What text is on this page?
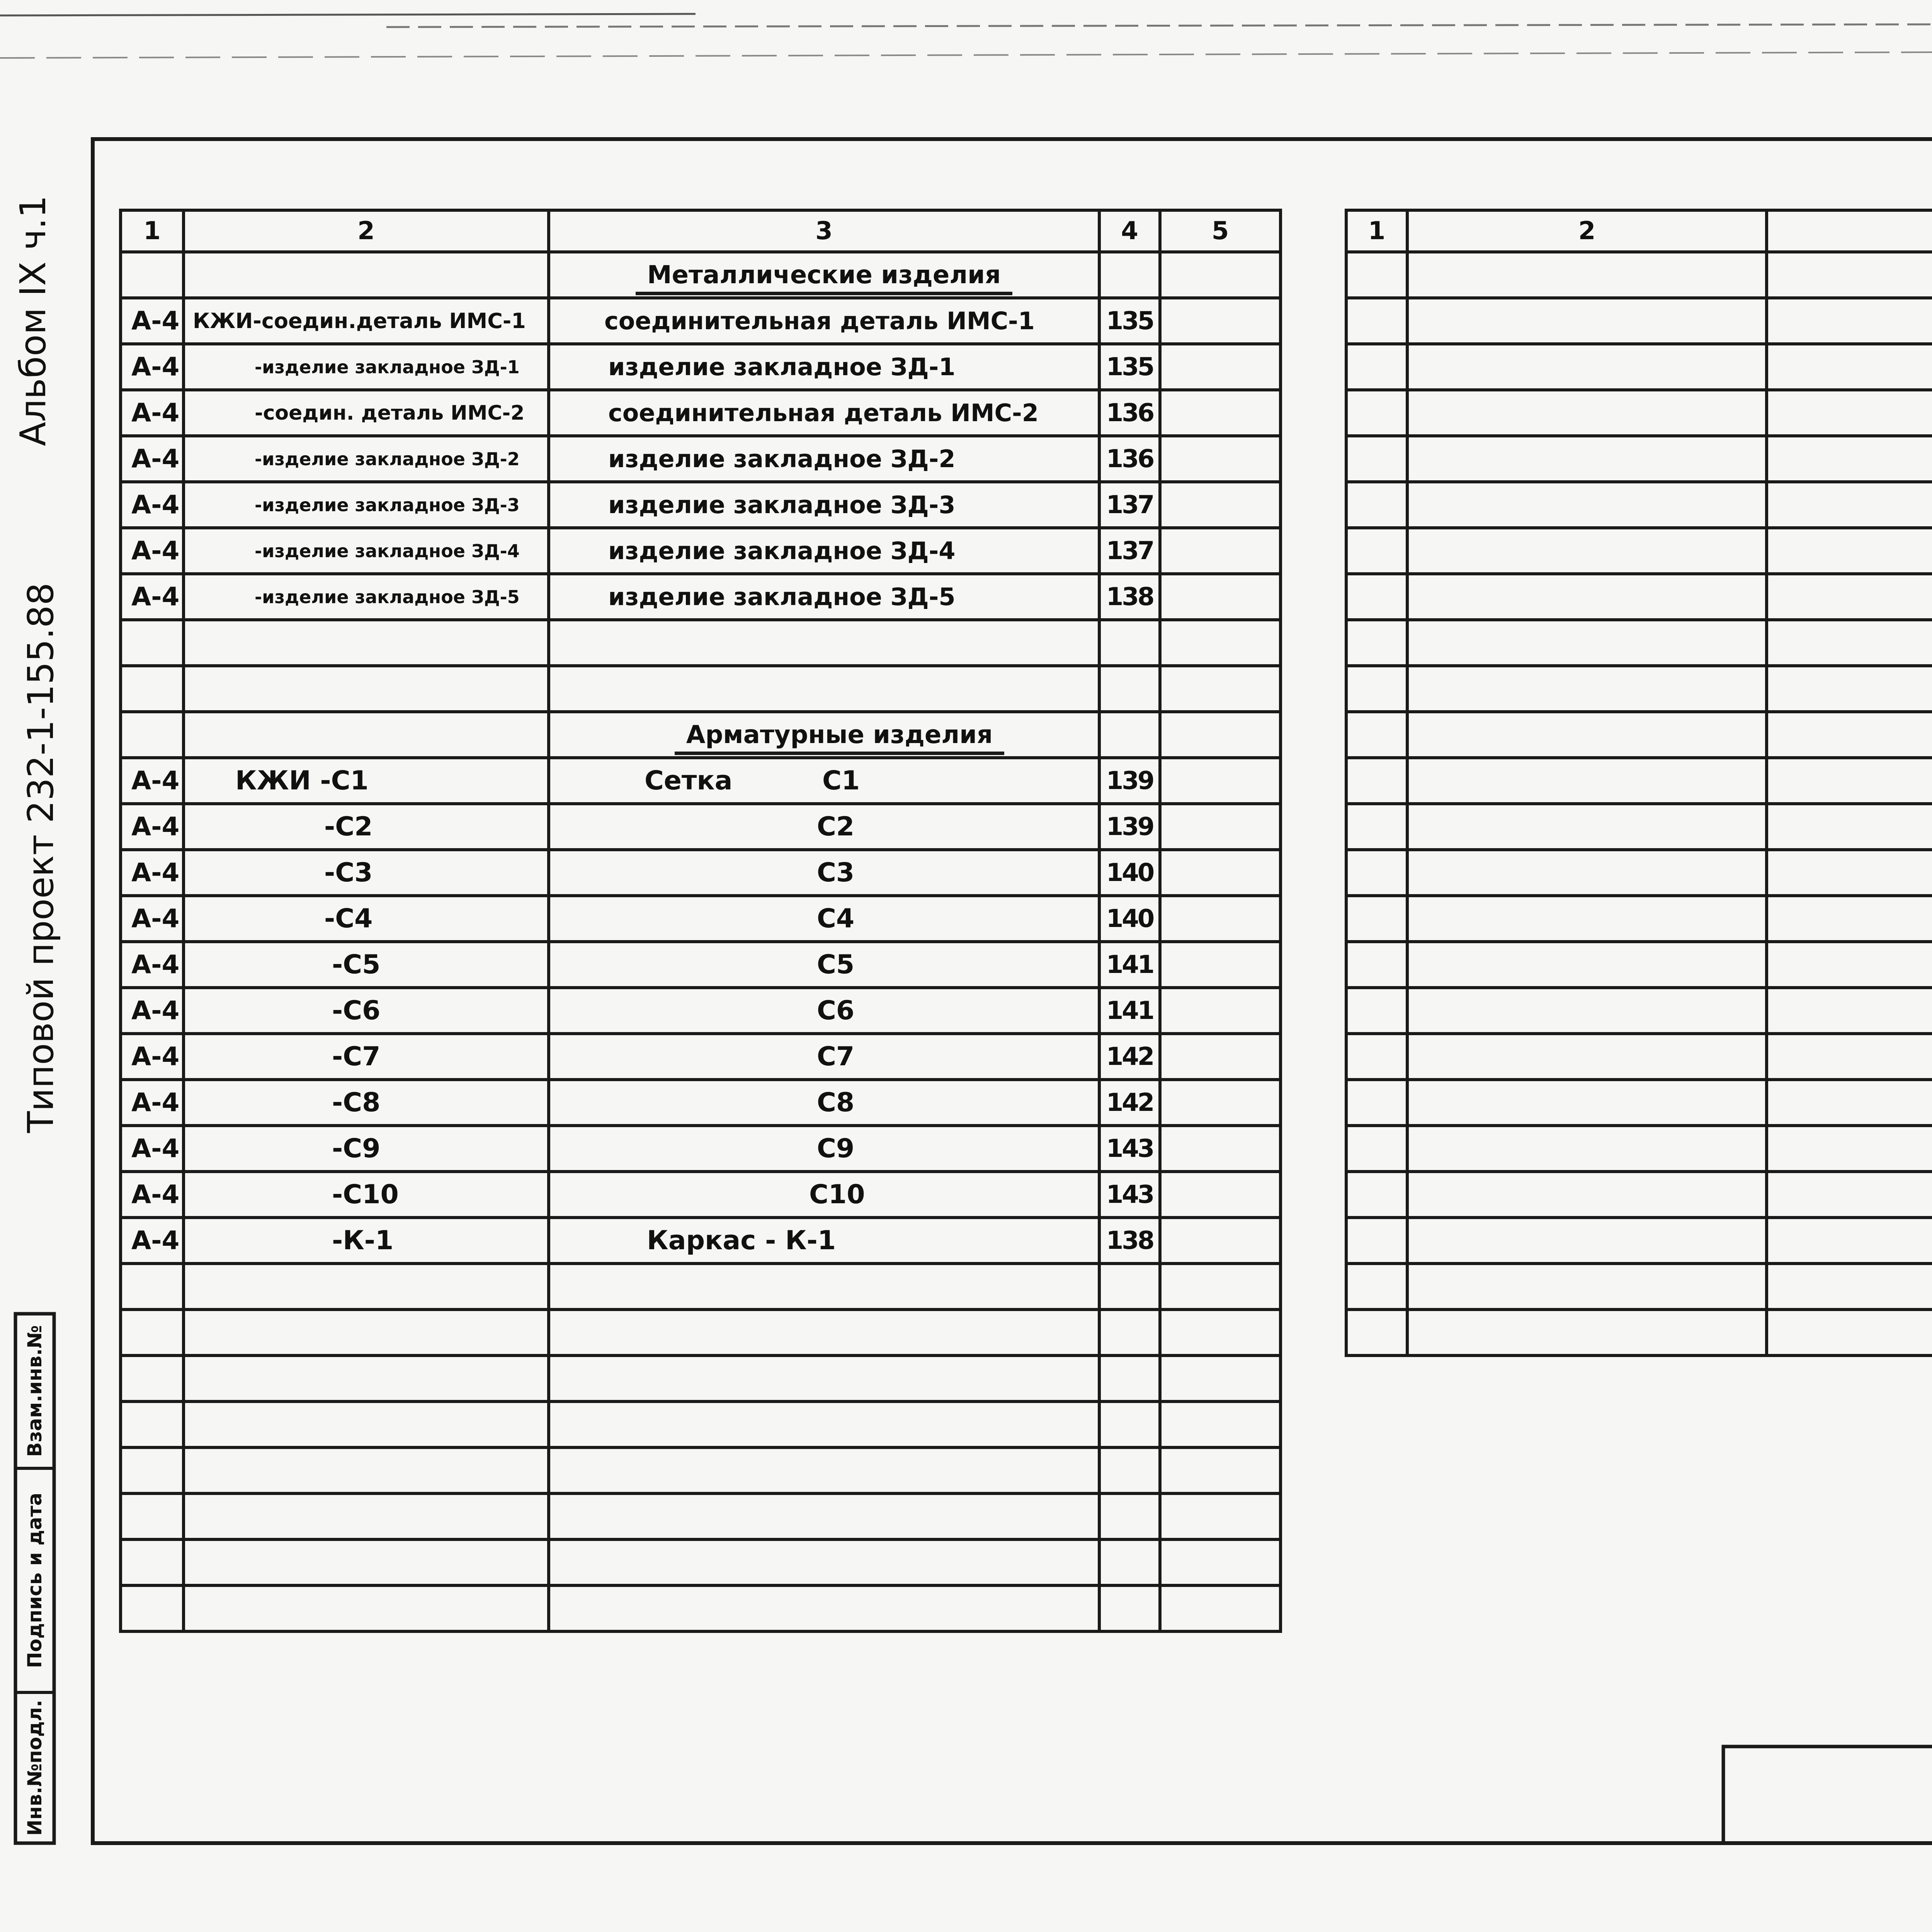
Альбом IX ч.1
Типовой проект 232-1-155.88
Взам.инв.№
Подпись и дата
Инв.№подл.
1	2	3	4	5
		Металлические изделия		
А-4	КЖИ-соедин.деталь ИМС-1	соединительная деталь ИМС-1	135	
А-4	-изделие закладное ЗД-1	изделие закладное ЗД-1	135	
А-4	-соедин. деталь ИМС-2	соединительная деталь ИМС-2	136	
А-4	-изделие закладное ЗД-2	изделие закладное ЗД-2	136	
А-4	-изделие закладное ЗД-3	изделие закладное ЗД-3	137	
А-4	-изделие закладное ЗД-4	изделие закладное ЗД-4	137	
А-4	-изделие закладное ЗД-5	изделие закладное ЗД-5	138	

		Арматурные изделия		
А-4	КЖИ -С1	Сетка С1	139	
А-4	-С2	С2	139	
А-4	-С3	С3	140	
А-4	-С4	С4	140	
А-4	-С5	С5	141	
А-4	-С6	С6	141	
А-4	-С7	С7	142	
А-4	-С8	С8	142	
А-4	-С9	С9	143	
А-4	-С10	С10	143	
А-4	-К-1	Каркас - К-1	138	

1	2			
